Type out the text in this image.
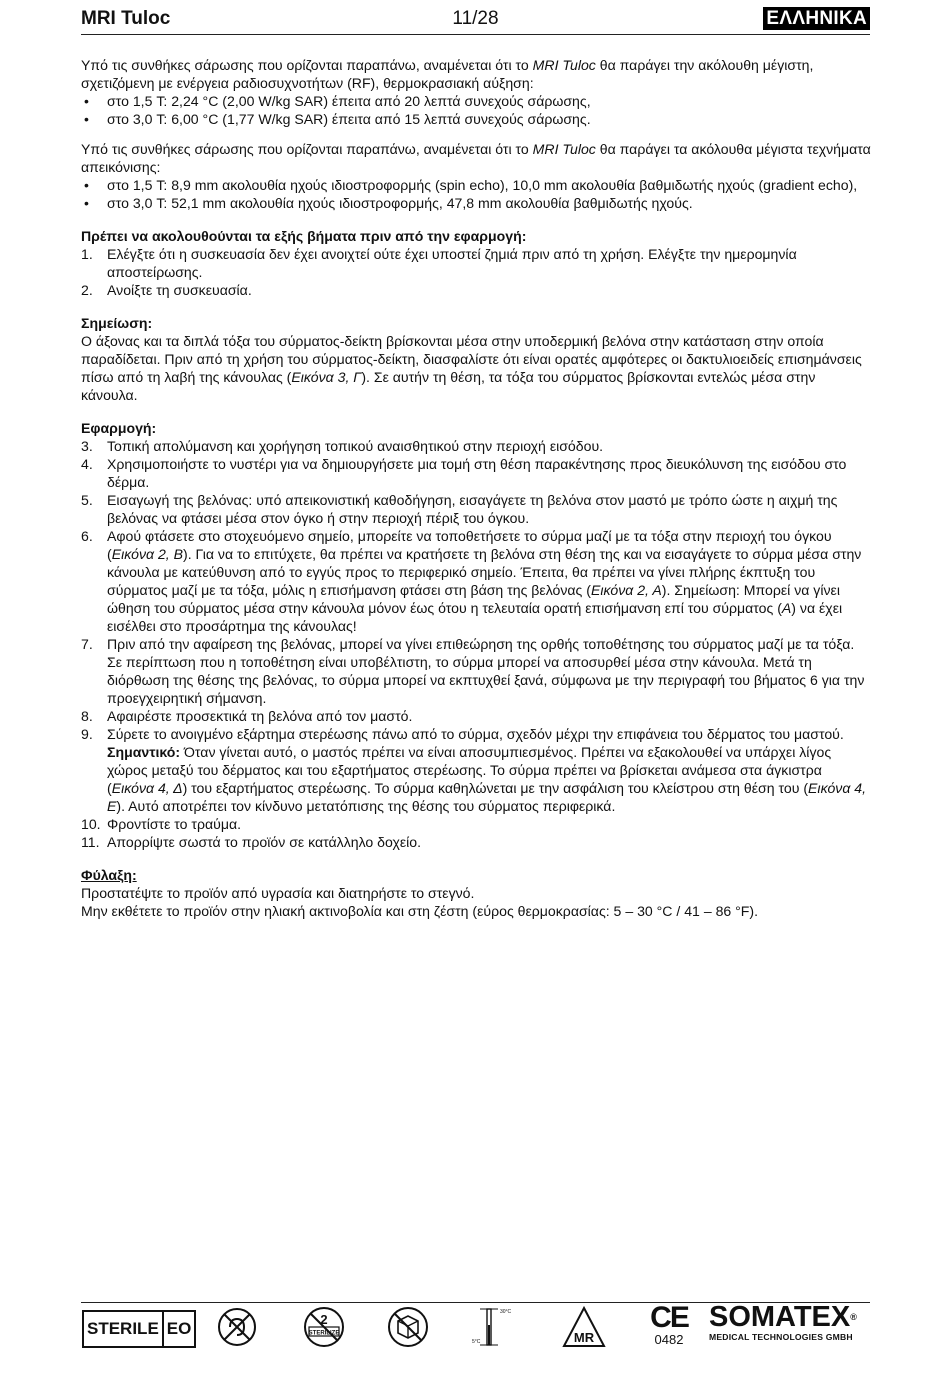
11/28
MRI Tuloc	ΕΛΛΗΝΙΚΑ

Υπό τις συνθήκες σάρωσης που ορίζονται παραπάνω, αναμένεται ότι το MRI Tuloc θα παράγει την ακόλουθη μέγιστη, σχετιζόμενη με ενέργεια ραδιοσυχνοτήτων (RF), θερμοκρασιακή αύξηση:

• στο 1,5 T: 2,24 °C (2,00 W/kg SAR) έπειτα από 20 λεπτά συνεχούς σάρωσης,
• στο 3,0 T: 6,00 °C (1,77 W/kg SAR) έπειτα από 15 λεπτά συνεχούς σάρωσης.

Υπό τις συνθήκες σάρωσης που ορίζονται παραπάνω, αναμένεται ότι το MRI Tuloc θα παράγει τα ακόλουθα μέγιστα τεχνήματα απεικόνισης:

• στο 1,5 T: 8,9 mm ακολουθία ηχούς ιδιοστροφορμής (spin echo), 10,0 mm ακολουθία βαθμιδωτής ηχούς (gradient echo),
• στο 3,0 T: 52,1 mm ακολουθία ηχούς ιδιοστροφορμής, 47,8 mm ακολουθία βαθμιδωτής ηχούς.

Πρέπει να ακολουθούνται τα εξής βήματα πριν από την εφαρμογή:

1. Ελέγξτε ότι η συσκευασία δεν έχει ανοιχτεί ούτε έχει υποστεί ζημιά πριν από τη χρήση. Ελέγξτε την ημερομηνία αποστείρωσης.
2. Ανοίξτε τη συσκευασία.

Σημείωση:

Ο άξονας και τα διπλά τόξα του σύρματος-δείκτη βρίσκονται μέσα στην υποδερμική βελόνα στην κατάσταση στην οποία παραδίδεται. Πριν από τη χρήση του σύρματος-δείκτη, διασφαλίστε ότι είναι ορατές αμφότερες οι δακτυλιοειδείς επισημάνσεις πίσω από τη λαβή της κάνουλας (Εικόνα 3, Γ). Σε αυτήν τη θέση, τα τόξα του σύρματος βρίσκονται εντελώς μέσα στην κάνουλα.

Εφαρμογή:

3. Τοπική απολύμανση και χορήγηση τοπικού αναισθητικού στην περιοχή εισόδου.
4. Χρησιμοποιήστε το νυστέρι για να δημιουργήσετε μια τομή στη θέση παρακέντησης προς διευκόλυνση της εισόδου στο δέρμα.
5. Εισαγωγή της βελόνας: υπό απεικονιστική καθοδήγηση, εισαγάγετε τη βελόνα στον μαστό με τρόπο ώστε η αιχμή της βελόνας να φτάσει μέσα στον όγκο ή στην περιοχή πέριξ του όγκου.
6. Αφού φτάσετε στο στοχευόμενο σημείο, μπορείτε να τοποθετήσετε το σύρμα μαζί με τα τόξα στην περιοχή του όγκου (Εικόνα 2, Β). Για να το επιτύχετε, θα πρέπει να κρατήσετε τη βελόνα στη θέση της και να εισαγάγετε το σύρμα μέσα στην κάνουλα με κατεύθυνση από το εγγύς προς το περιφερικό σημείο. Έπειτα, θα πρέπει να γίνει πλήρης έκπτυξη του σύρματος μαζί με τα τόξα, μόλις η επισήμανση φτάσει στη βάση της βελόνας (Εικόνα 2, Α). Σημείωση: Μπορεί να γίνει ώθηση του σύρματος μέσα στην κάνουλα μόνον έως ότου η τελευταία ορατή επισήμανση επί του σύρματος (Α) να έχει εισέλθει στο προσάρτημα της κάνουλας!
7. Πριν από την αφαίρεση της βελόνας, μπορεί να γίνει επιθεώρηση της ορθής τοποθέτησης του σύρματος μαζί με τα τόξα. Σε περίπτωση που η τοποθέτηση είναι υποβέλτιστη, το σύρμα μπορεί να αποσυρθεί μέσα στην κάνουλα. Μετά τη διόρθωση της θέσης της βελόνας, το σύρμα μπορεί να εκπτυχθεί ξανά, σύμφωνα με την περιγραφή του βήματος 6 για την προεγχειρητική σήμανση.
8. Αφαιρέστε προσεκτικά τη βελόνα από τον μαστό.
9. Σύρετε το ανοιγμένο εξάρτημα στερέωσης πάνω από το σύρμα, σχεδόν μέχρι την επιφάνεια του δέρματος του μαστού. Σημαντικό: Όταν γίνεται αυτό, ο μαστός πρέπει να είναι αποσυμπιεσμένος. Πρέπει να εξακολουθεί να υπάρχει λίγος χώρος μεταξύ του δέρματος και του εξαρτήματος στερέωσης. Το σύρμα πρέπει να βρίσκεται ανάμεσα στα άγκιστρα (Εικόνα 4, Δ) του εξαρτήματος στερέωσης. Το σύρμα καθηλώνεται με την ασφάλιση του κλείστρου στη θέση του (Εικόνα 4, Ε). Αυτό αποτρέπει τον κίνδυνο μετατόπισης της θέσης του σύρματος περιφερικά.
10. Φροντίστε το τραύμα.
11. Απορρίψτε σωστά το προϊόν σε κατάλληλο δοχείο.

Φύλαξη:

Προστατέψτε το προϊόν από υγρασία και διατηρήστε το στεγνό.

Μην εκθέτετε το προϊόν στην ηλιακή ακτινοβολία και στη ζέστη (εύρος θερμοκρασίας: 5 – 30 °C / 41 – 86 °F).

STERILE EO	2
STERILIZE
30°C
5°C	MR
CE
0482
SOMATEX®
MEDICAL TECHNOLOGIES GMBH
